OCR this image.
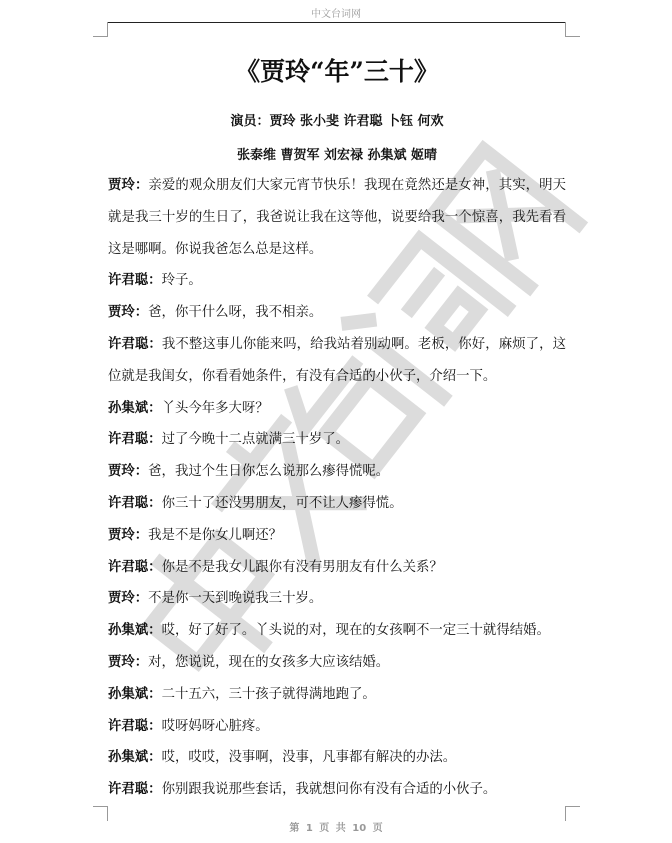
中文台词网
《贾玲“年”三十》
演员：贾玲 张小斐 许君聪 卜钰 何欢
张泰维 曹贺军 刘宏禄 孙集斌 姬晴

贾玲：亲爱的观众朋友们大家元宵节快乐！我现在竟然还是女神，其实，明天就是我三十岁的生日了，我爸说让我在这等他，说要给我一个惊喜，我先看看这是哪啊。你说我爸怎么总是这样。

许君聪：玲子。

贾玲：爸，你干什么呀，我不相亲。

许君聪：我不整这事儿你能来吗，给我站着别动啊。老板，你好，麻烦了，这位就是我闺女，你看看她条件，有没有合适的小伙子，介绍一下。

孙集斌：丫头今年多大呀？

许君聪：过了今晚十二点就满三十岁了。

贾玲：爸，我过个生日你怎么说那么瘆得慌呢。

许君聪：你三十了还没男朋友，可不让人瘆得慌。

贾玲：我是不是你女儿啊还？

许君聪：你是不是我女儿跟你有没有男朋友有什么关系？

贾玲：不是你一天到晚说我三十岁。

孙集斌：哎，好了好了。丫头说的对，现在的女孩啊不一定三十就得结婚。

贾玲：对，您说说，现在的女孩多大应该结婚。

孙集斌：二十五六，三十孩子就得满地跑了。

许君聪：哎呀妈呀心脏疼。

孙集斌：哎，哎哎，没事啊，没事，凡事都有解决的办法。

许君聪：你别跟我说那些套话，我就想问你有没有合适的小伙子。

第 1 页 共 10 页
